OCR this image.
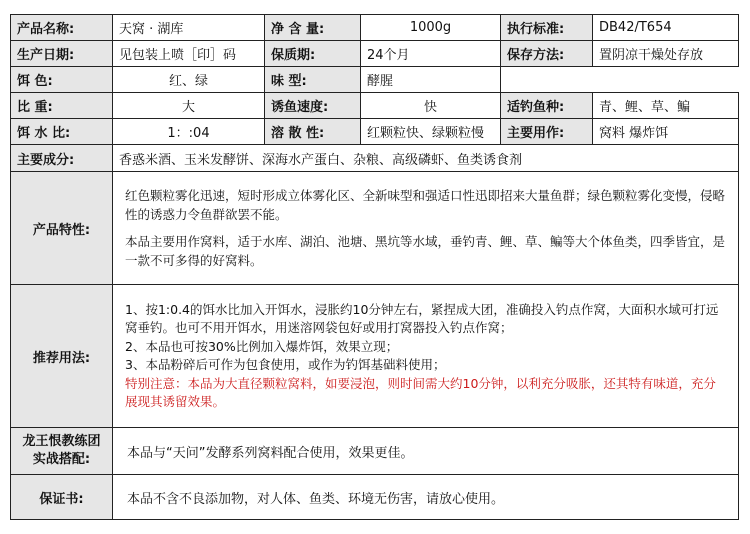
产品名称:	天窝 · 湖库	净 含 量:	1000g	执行标准:	DB42/T654
生产日期:	见包装上喷［印］码	保质期:	24个月	保存方法:	置阴凉干燥处存放
饵 色:	红、绿	味 型:	酵腥	
比 重:	大	诱鱼速度:	快	适钓鱼种:	青、鲤、草、鳊
饵 水 比:	1：:04	溶 散 性:	红颗粒快、绿颗粒慢	主要用作:	窝料 爆炸饵
主要成分:	香惑米酒、玉米发酵饼、深海水产蛋白、杂粮、高级磷虾、鱼类诱食剂				
产品特性:	红色颗粒雾化迅速，短时形成立体雾化区、全新味型和强适口性迅即招来大量鱼群；绿色颗粒雾化变慢，侵略性的诱惑力令鱼群欲罢不能。

本品主要用作窝料，适于水库、湖泊、池塘、黑坑等水域，垂钓青、鲤、草、鳊等大个体鱼类，四季皆宜，是一款不可多得的好窝料。				

推荐用法:	1、按1:0.4的饵水比加入开饵水，浸胀约10分钟左右，紧捏成大团，准确投入钓点作窝，大面积水域可打远窝垂钓。也可不用开饵水，用迷溶网袋包好或用打窝器投入钓点作窝；

2、本品也可按30%比例加入爆炸饵，效果立现；

3、本品粉碎后可作为包食使用，或作为钓饵基础料使用；

特别注意：本品为大直径颗粒窝料，如要浸泡，则时间需大约10分钟，以利充分吸胀，还其特有味道，充分展现其诱留效果。				

龙王恨教练团实战搭配:	本品与“天问”发酵系列窝料配合使用，效果更佳。				
保证书:	本品不含不良添加物，对人体、鱼类、环境无伤害，请放心使用。				
